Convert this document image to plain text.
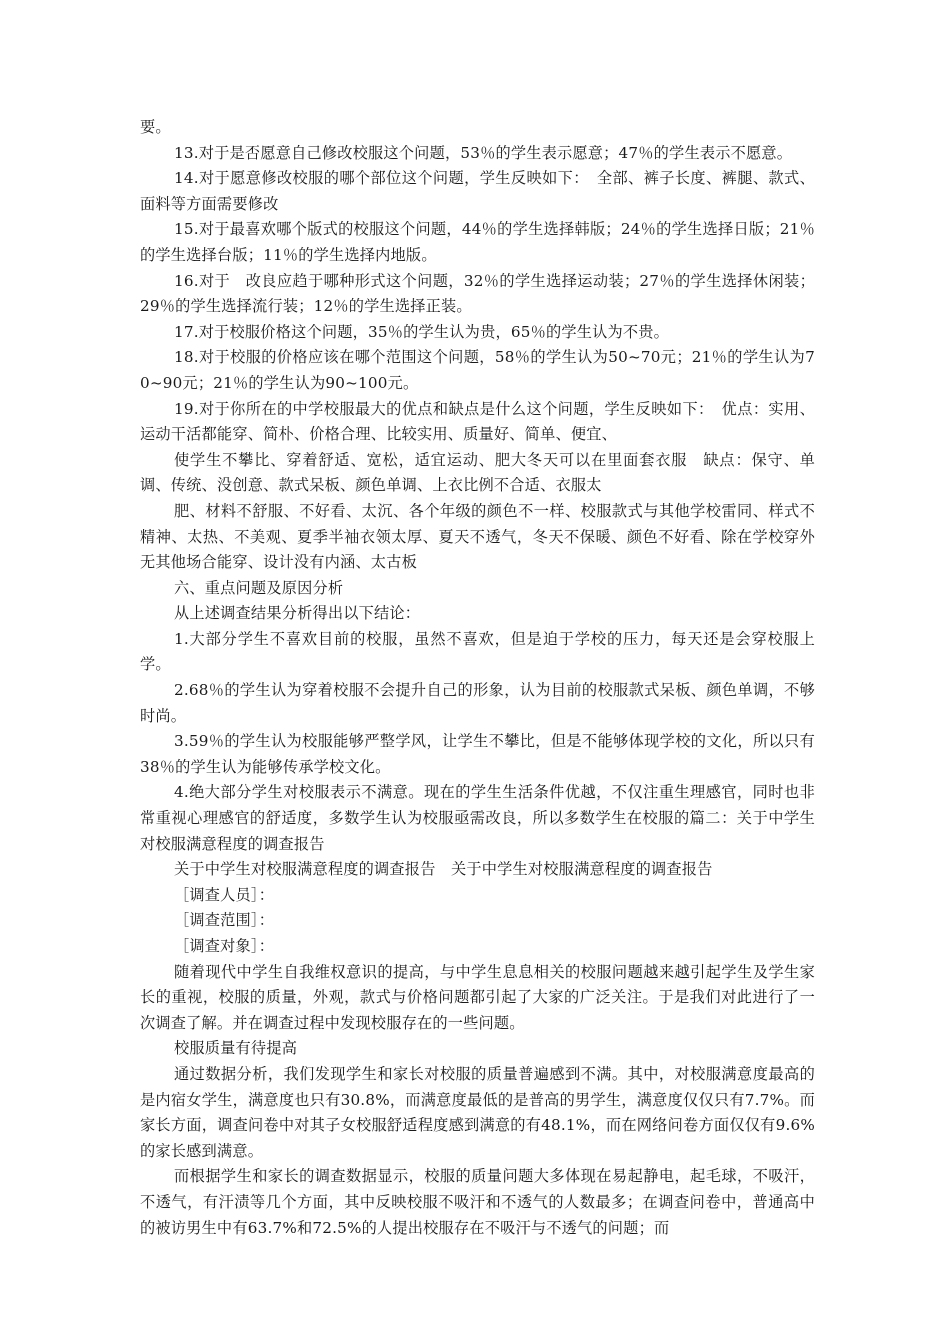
要。

13.对于是否愿意自己修改校服这个问题，53％的学生表示愿意；47％的学生表示不愿意。

14.对于愿意修改校服的哪个部位这个问题，学生反映如下：　全部、裤子长度、裤腿、款式、面料等方面需要修改

15.对于最喜欢哪个版式的校服这个问题，44％的学生选择韩版；24％的学生选择日版；21％的学生选择台版；11％的学生选择内地版。

16.对于　改良应趋于哪种形式这个问题，32％的学生选择运动装；27％的学生选择休闲装；29％的学生选择流行装；12％的学生选择正装。

17.对于校服价格这个问题，35％的学生认为贵，65％的学生认为不贵。

18.对于校服的价格应该在哪个范围这个问题，58％的学生认为50~70元；21％的学生认为70~90元；21％的学生认为90~100元。

19.对于你所在的中学校服最大的优点和缺点是什么这个问题，学生反映如下：　优点：实用、运动干活都能穿、简朴、价格合理、比较实用、质量好、简单、便宜、

使学生不攀比、穿着舒适、宽松，适宜运动、肥大冬天可以在里面套衣服　缺点：保守、单调、传统、没创意、款式呆板、颜色单调、上衣比例不合适、衣服太

肥、材料不舒服、不好看、太沉、各个年级的颜色不一样、校服款式与其他学校雷同、样式不精神、太热、不美观、夏季半袖衣领太厚、夏天不透气，冬天不保暖、颜色不好看、除在学校穿外无其他场合能穿、设计没有内涵、太古板

六、重点问题及原因分析

从上述调查结果分析得出以下结论：

1.大部分学生不喜欢目前的校服，虽然不喜欢，但是迫于学校的压力，每天还是会穿校服上学。

2.68％的学生认为穿着校服不会提升自己的形象，认为目前的校服款式呆板、颜色单调，不够时尚。

3.59％的学生认为校服能够严整学风，让学生不攀比，但是不能够体现学校的文化，所以只有38％的学生认为能够传承学校文化。

4.绝大部分学生对校服表示不满意。现在的学生生活条件优越，不仅注重生理感官，同时也非常重视心理感官的舒适度，多数学生认为校服亟需改良，所以多数学生在校服的篇二：关于中学生对校服满意程度的调查报告

关于中学生对校服满意程度的调查报告　关于中学生对校服满意程度的调查报告

［调查人员］：

［调查范围］：

［调查对象］：

随着现代中学生自我维权意识的提高，与中学生息息相关的校服问题越来越引起学生及学生家长的重视，校服的质量，外观，款式与价格问题都引起了大家的广泛关注。于是我们对此进行了一次调查了解。并在调查过程中发现校服存在的一些问题。

校服质量有待提高

通过数据分析，我们发现学生和家长对校服的质量普遍感到不满。其中，对校服满意度最高的是内宿女学生，满意度也只有30.8%，而满意度最低的是普高的男学生，满意度仅仅只有7.7%。而家长方面，调查问卷中对其子女校服舒适程度感到满意的有48.1%，而在网络问卷方面仅仅有9.6%的家长感到满意。

而根据学生和家长的调查数据显示，校服的质量问题大多体现在易起静电，起毛球，不吸汗，不透气，有汗渍等几个方面，其中反映校服不吸汗和不透气的人数最多；在调查问卷中，普通高中的被访男生中有63.7%和72.5%的人提出校服存在不吸汗与不透气的问题；而
